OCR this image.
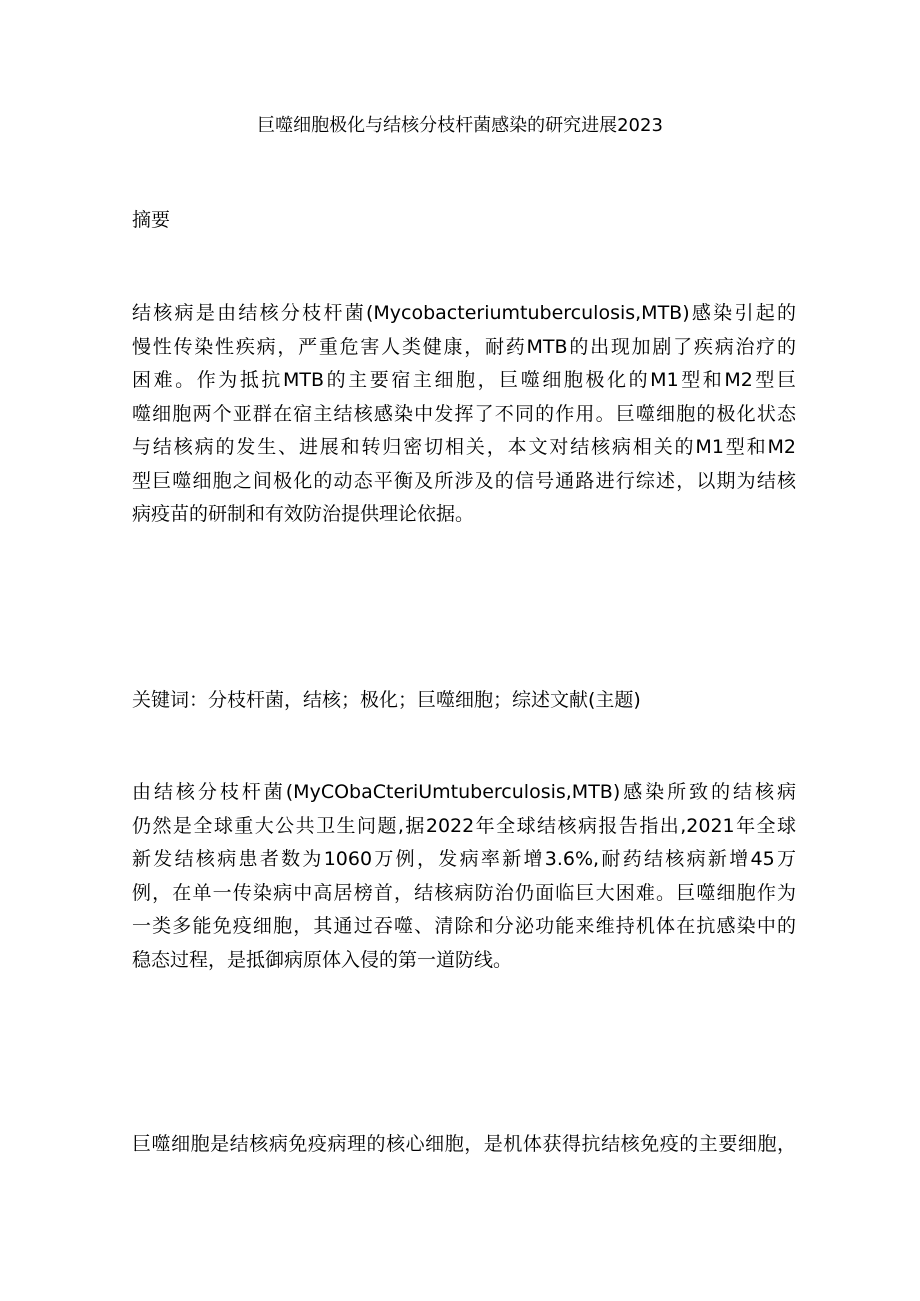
巨噬细胞极化与结核分枝杆菌感染的研究进展2023
摘要
结核病是由结核分枝杆菌(Mycobacteriumtuberculosis,MTB)感染引起的
慢性传染性疾病，严重危害人类健康，耐药MTB的出现加剧了疾病治疗的
困难。作为抵抗MTB的主要宿主细胞，巨噬细胞极化的M1型和M2型巨
噬细胞两个亚群在宿主结核感染中发挥了不同的作用。巨噬细胞的极化状态
与结核病的发生、进展和转归密切相关，本文对结核病相关的M1型和M2
型巨噬细胞之间极化的动态平衡及所涉及的信号通路进行综述，以期为结核
病疫苗的研制和有效防治提供理论依据。
关键词：分枝杆菌，结核；极化；巨噬细胞；综述文献(主题)
由结核分枝杆菌(MyCObaCteriUmtuberculosis,MTB)感染所致的结核病
仍然是全球重大公共卫生问题,据2022年全球结核病报告指出,2021年全球
新发结核病患者数为1060万例，发病率新增3.6%,耐药结核病新增45万
例，在单一传染病中高居榜首，结核病防治仍面临巨大困难。巨噬细胞作为
一类多能免疫细胞，其通过吞噬、清除和分泌功能来维持机体在抗感染中的
稳态过程，是抵御病原体入侵的第一道防线。
巨噬细胞是结核病免疫病理的核心细胞，是机体获得抗结核免疫的主要细胞，
